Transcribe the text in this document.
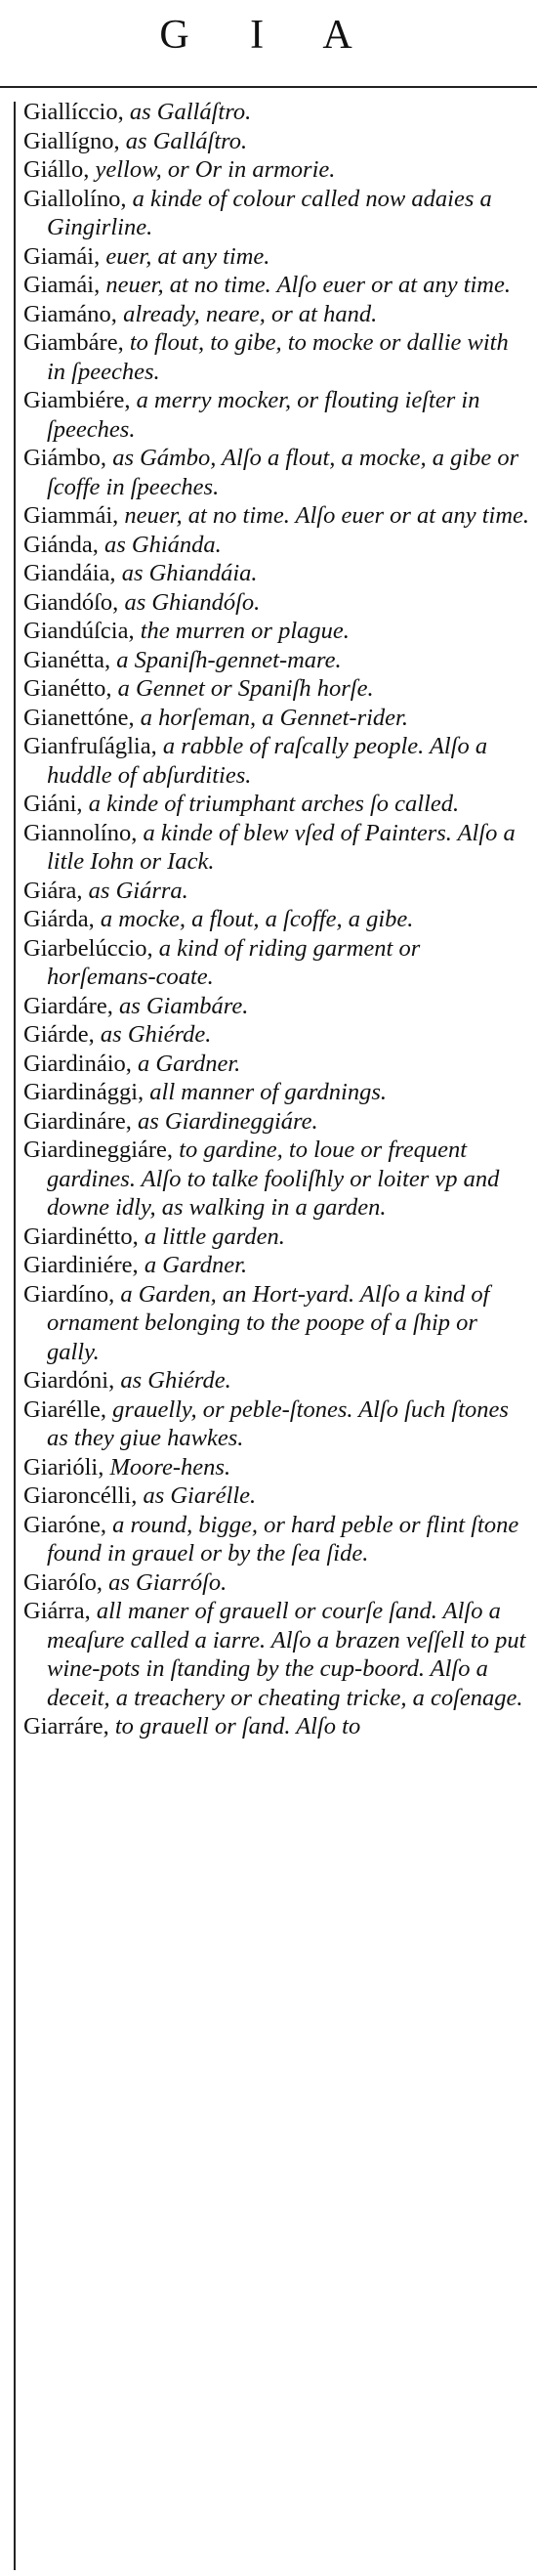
G I A

Giallíccio, as Galláſtro.

Giallígno, as Galláſtro.

Giállo, yellow, or Or in armorie.

Giallolíno, a kinde of colour called now adaies a Gingirline.

Giamái, euer, at any time.

Giamái, neuer, at no time. Alſo euer or at any time.

Giamáno, already, neare, or at hand.

Giambáre, to flout, to gibe, to mocke or dallie with in ſpeeches.

Giambiére, a merry mocker, or flouting ieſter in ſpeeches.

Giámbo, as Gámbo, Alſo a flout, a mocke, a gibe or ſcoffe in ſpeeches.

Giammái, neuer, at no time. Alſo euer or at any time.

Giánda, as Ghiánda.

Giandáia, as Ghiandáia.

Giandóſo, as Ghiandóſo.

Giandúſcia, the murren or plague.

Gianétta, a Spaniſh-gennet-mare.

Gianétto, a Gennet or Spaniſh horſe.

Gianettóne, a horſeman, a Gennet-rider.

Gianfruſáglia, a rabble of raſcally people. Alſo a huddle of abſurdities.

Giáni, a kinde of triumphant arches ſo called.

Giannolíno, a kinde of blew vſed of Painters. Alſo a litle Iohn or Iack.

Giára, as Giárra.

Giárda, a mocke, a flout, a ſcoffe, a gibe.

Giarbelúccio, a kind of riding garment or horſemans-coate.

Giardáre, as Giambáre.

Giárde, as Ghiérde.

Giardináio, a Gardner.

Giardinággi, all manner of gardnings.

Giardináre, as Giardineggiáre.

Giardineggiáre, to gardine, to loue or frequent gardines. Alſo to talke fooliſhly or loiter vp and downe idly, as walking in a garden.

Giardinétto, a little garden.

Giardiniére, a Gardner.

Giardíno, a Garden, an Hort-yard. Alſo a kind of ornament belonging to the poope of a ſhip or gally.

Giardóni, as Ghiérde.

Giarélle, grauelly, or peble-ſtones. Alſo ſuch ſtones as they giue hawkes.

Giarióli, Moore-hens.

Giaroncélli, as Giarélle.

Giaróne, a round, bigge, or hard peble or flint ſtone found in grauel or by the ſea ſide.

Giaróſo, as Giarróſo.

Giárra, all maner of grauell or courſe ſand. Alſo a meaſure called a iarre. Alſo a brazen veſſell to put wine-pots in ſtanding by the cup-boord. Alſo a deceit, a treachery or cheating tricke, a coſenage.

Giarráre, to grauell or ſand. Alſo to
